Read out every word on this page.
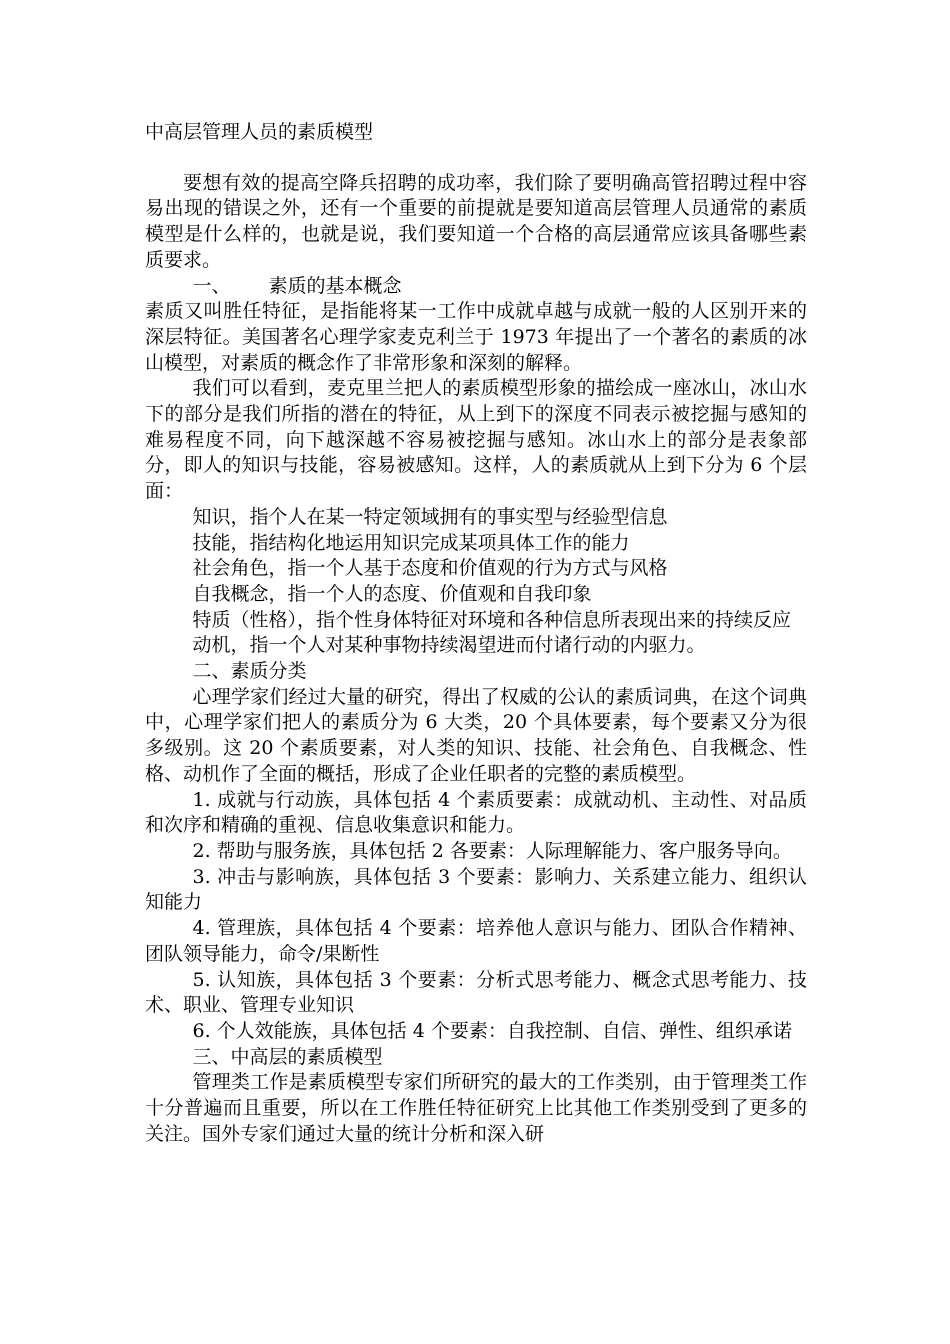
中高层管理人员的素质模型

要想有效的提高空降兵招聘的成功率，我们除了要明确高管招聘过程中容易出现的错误之外，还有一个重要的前提就是要知道高层管理人员通常的素质模型是什么样的，也就是说，我们要知道一个合格的高层通常应该具备哪些素质要求。

一、 素质的基本概念

素质又叫胜任特征，是指能将某一工作中成就卓越与成就一般的人区别开来的深层特征。美国著名心理学家麦克利兰于 1973 年提出了一个著名的素质的冰山模型，对素质的概念作了非常形象和深刻的解释。

我们可以看到，麦克里兰把人的素质模型形象的描绘成一座冰山，冰山水下的部分是我们所指的潜在的特征，从上到下的深度不同表示被挖掘与感知的难易程度不同，向下越深越不容易被挖掘与感知。冰山水上的部分是表象部分，即人的知识与技能，容易被感知。这样，人的素质就从上到下分为 6 个层面：

知识，指个人在某一特定领域拥有的事实型与经验型信息

技能，指结构化地运用知识完成某项具体工作的能力

社会角色，指一个人基于态度和价值观的行为方式与风格

自我概念，指一个人的态度、价值观和自我印象

特质（性格），指个性身体特征对环境和各种信息所表现出来的持续反应

动机，指一个人对某种事物持续渴望进而付诸行动的内驱力。

二、素质分类

心理学家们经过大量的研究，得出了权威的公认的素质词典，在这个词典中，心理学家们把人的素质分为 6 大类，20 个具体要素，每个要素又分为很多级别。这 20 个素质要素，对人类的知识、技能、社会角色、自我概念、性格、动机作了全面的概括，形成了企业任职者的完整的素质模型。

1. 成就与行动族，具体包括 4 个素质要素：成就动机、主动性、对品质和次序和精确的重视、信息收集意识和能力。

2. 帮助与服务族，具体包括 2 各要素：人际理解能力、客户服务导向。

3. 冲击与影响族，具体包括 3 个要素：影响力、关系建立能力、组织认知能力

4. 管理族，具体包括 4 个要素：培养他人意识与能力、团队合作精神、团队领导能力，命令/果断性

5. 认知族，具体包括 3 个要素：分析式思考能力、概念式思考能力、技术、职业、管理专业知识

6. 个人效能族，具体包括 4 个要素：自我控制、自信、弹性、组织承诺

三、中高层的素质模型

管理类工作是素质模型专家们所研究的最大的工作类别，由于管理类工作十分普遍而且重要，所以在工作胜任特征研究上比其他工作类别受到了更多的关注。国外专家们通过大量的统计分析和深入研
